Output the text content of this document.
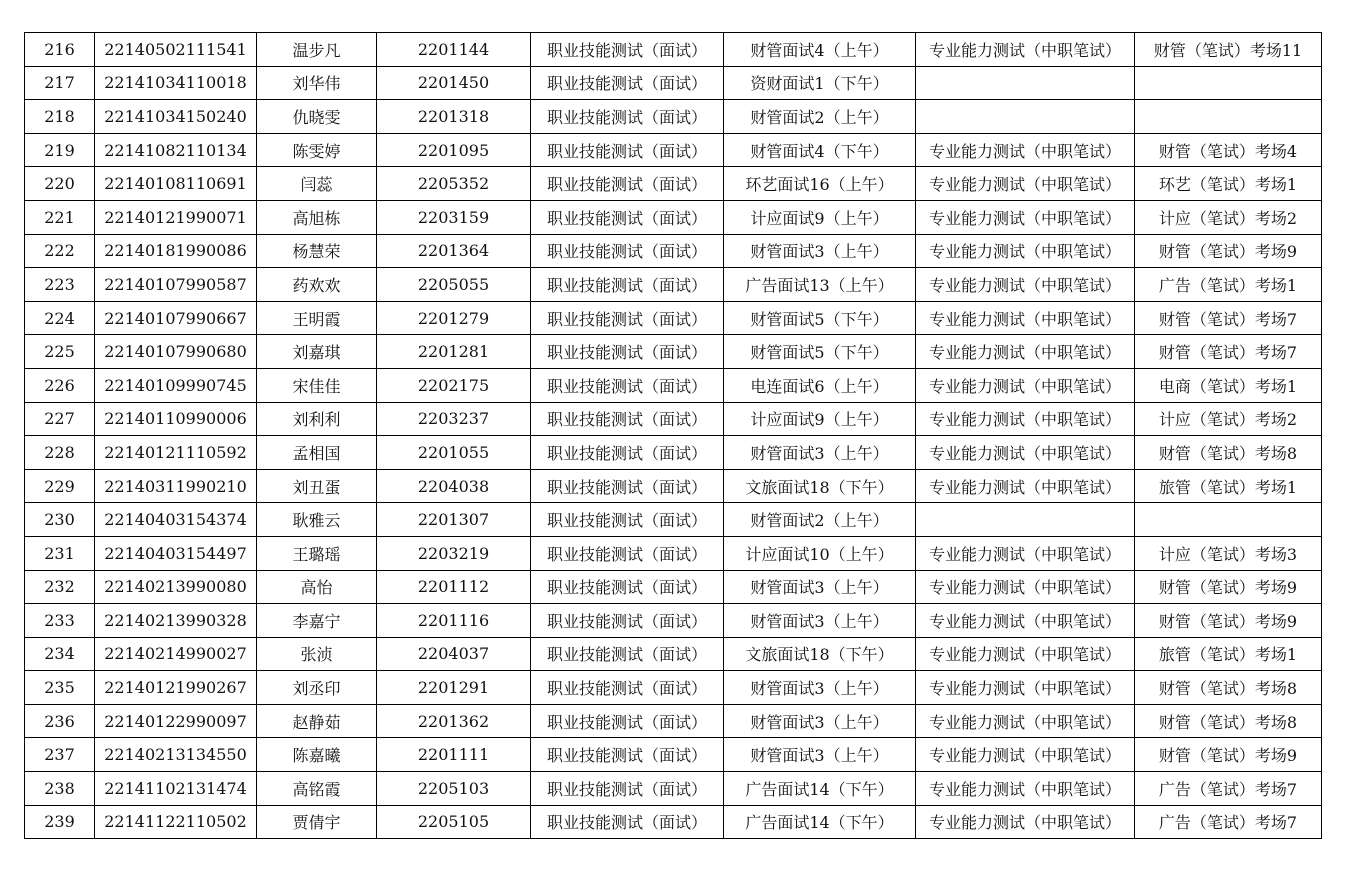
216	22140502111541	温步凡	2201144	职业技能测试（面试）	财管面试4（上午）	专业能力测试（中职笔试）	财管（笔试）考场11
217	22141034110018	刘华伟	2201450	职业技能测试（面试）	资财面试1（下午）		
218	22141034150240	仇晓雯	2201318	职业技能测试（面试）	财管面试2（上午）		
219	22141082110134	陈雯婷	2201095	职业技能测试（面试）	财管面试4（下午）	专业能力测试（中职笔试）	财管（笔试）考场4
220	22140108110691	闫蕊	2205352	职业技能测试（面试）	环艺面试16（上午）	专业能力测试（中职笔试）	环艺（笔试）考场1
221	22140121990071	高旭栋	2203159	职业技能测试（面试）	计应面试9（上午）	专业能力测试（中职笔试）	计应（笔试）考场2
222	22140181990086	杨慧荣	2201364	职业技能测试（面试）	财管面试3（上午）	专业能力测试（中职笔试）	财管（笔试）考场9
223	22140107990587	药欢欢	2205055	职业技能测试（面试）	广告面试13（上午）	专业能力测试（中职笔试）	广告（笔试）考场1
224	22140107990667	王明霞	2201279	职业技能测试（面试）	财管面试5（下午）	专业能力测试（中职笔试）	财管（笔试）考场7
225	22140107990680	刘嘉琪	2201281	职业技能测试（面试）	财管面试5（下午）	专业能力测试（中职笔试）	财管（笔试）考场7
226	22140109990745	宋佳佳	2202175	职业技能测试（面试）	电连面试6（上午）	专业能力测试（中职笔试）	电商（笔试）考场1
227	22140110990006	刘利利	2203237	职业技能测试（面试）	计应面试9（上午）	专业能力测试（中职笔试）	计应（笔试）考场2
228	22140121110592	孟相国	2201055	职业技能测试（面试）	财管面试3（上午）	专业能力测试（中职笔试）	财管（笔试）考场8
229	22140311990210	刘丑蛋	2204038	职业技能测试（面试）	文旅面试18（下午）	专业能力测试（中职笔试）	旅管（笔试）考场1
230	22140403154374	耿雅云	2201307	职业技能测试（面试）	财管面试2（上午）		
231	22140403154497	王璐瑶	2203219	职业技能测试（面试）	计应面试10（上午）	专业能力测试（中职笔试）	计应（笔试）考场3
232	22140213990080	高怡	2201112	职业技能测试（面试）	财管面试3（上午）	专业能力测试（中职笔试）	财管（笔试）考场9
233	22140213990328	李嘉宁	2201116	职业技能测试（面试）	财管面试3（上午）	专业能力测试（中职笔试）	财管（笔试）考场9
234	22140214990027	张浈	2204037	职业技能测试（面试）	文旅面试18（下午）	专业能力测试（中职笔试）	旅管（笔试）考场1
235	22140121990267	刘丞印	2201291	职业技能测试（面试）	财管面试3（上午）	专业能力测试（中职笔试）	财管（笔试）考场8
236	22140122990097	赵静茹	2201362	职业技能测试（面试）	财管面试3（上午）	专业能力测试（中职笔试）	财管（笔试）考场8
237	22140213134550	陈嘉曦	2201111	职业技能测试（面试）	财管面试3（上午）	专业能力测试（中职笔试）	财管（笔试）考场9
238	22141102131474	高铭霞	2205103	职业技能测试（面试）	广告面试14（下午）	专业能力测试（中职笔试）	广告（笔试）考场7
239	22141122110502	贾倩宇	2205105	职业技能测试（面试）	广告面试14（下午）	专业能力测试（中职笔试）	广告（笔试）考场7
